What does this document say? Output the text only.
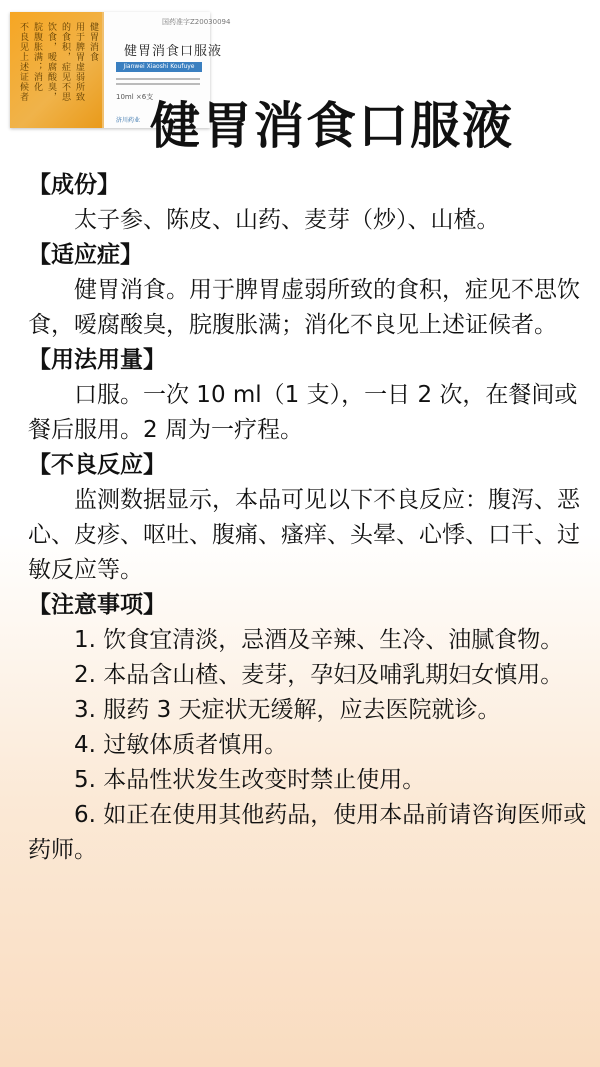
健胃消食
用于脾胃虚弱所致
的食积，症见不思
饮食，嗳腐酸臭，
脘腹胀满；消化
不良见上述证候者	国药准字Z20030094
健胃消食口服液
Jianwei Xiaoshi Koufuye
10ml ×6支
济川药业 健胃消食口服液

【成份】

太子参、陈皮、山药、麦芽（炒）、山楂。

【适应症】

健胃消食。用于脾胃虚弱所致的食积，症见不思饮食，嗳腐酸臭，脘腹胀满；消化不良见上述证候者。

【用法用量】

口服。一次 10 ml（1 支），一日 2 次，在餐间或餐后服用。2 周为一疗程。

【不良反应】

监测数据显示，本品可见以下不良反应：腹泻、恶心、皮疹、呕吐、腹痛、瘙痒、头晕、心悸、口干、过敏反应等。

【注意事项】

1. 饮食宜清淡，忌酒及辛辣、生冷、油腻食物。

2. 本品含山楂、麦芽，孕妇及哺乳期妇女慎用。

3. 服药 3 天症状无缓解，应去医院就诊。

4. 过敏体质者慎用。

5. 本品性状发生改变时禁止使用。

6. 如正在使用其他药品，使用本品前请咨询医师或药师。
